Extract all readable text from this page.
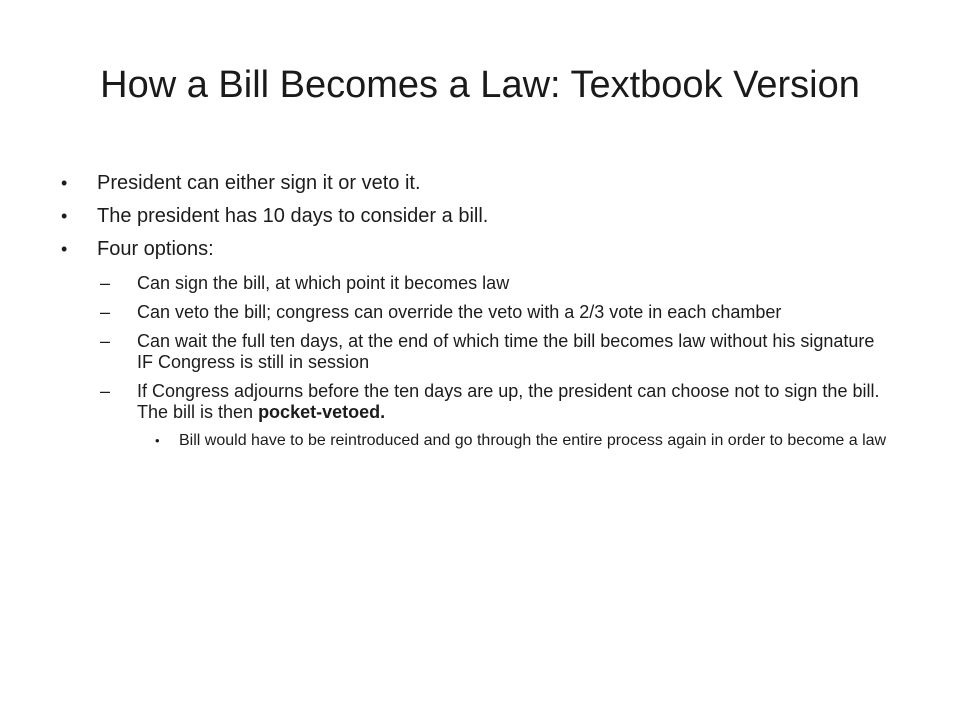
How a Bill Becomes a Law: Textbook Version
• President can either sign it or veto it.
• The president has 10 days to consider a bill.
• Four options:
– Can sign the bill, at which point it becomes law
– Can veto the bill; congress can override the veto with a 2/3 vote in each chamber
– Can wait the full ten days, at the end of which time the bill becomes law without his signature IF Congress is still in session
– If Congress adjourns before the ten days are up, the president can choose not to sign the bill. The bill is then pocket-vetoed.
• Bill would have to be reintroduced and go through the entire process again in order to become a law
